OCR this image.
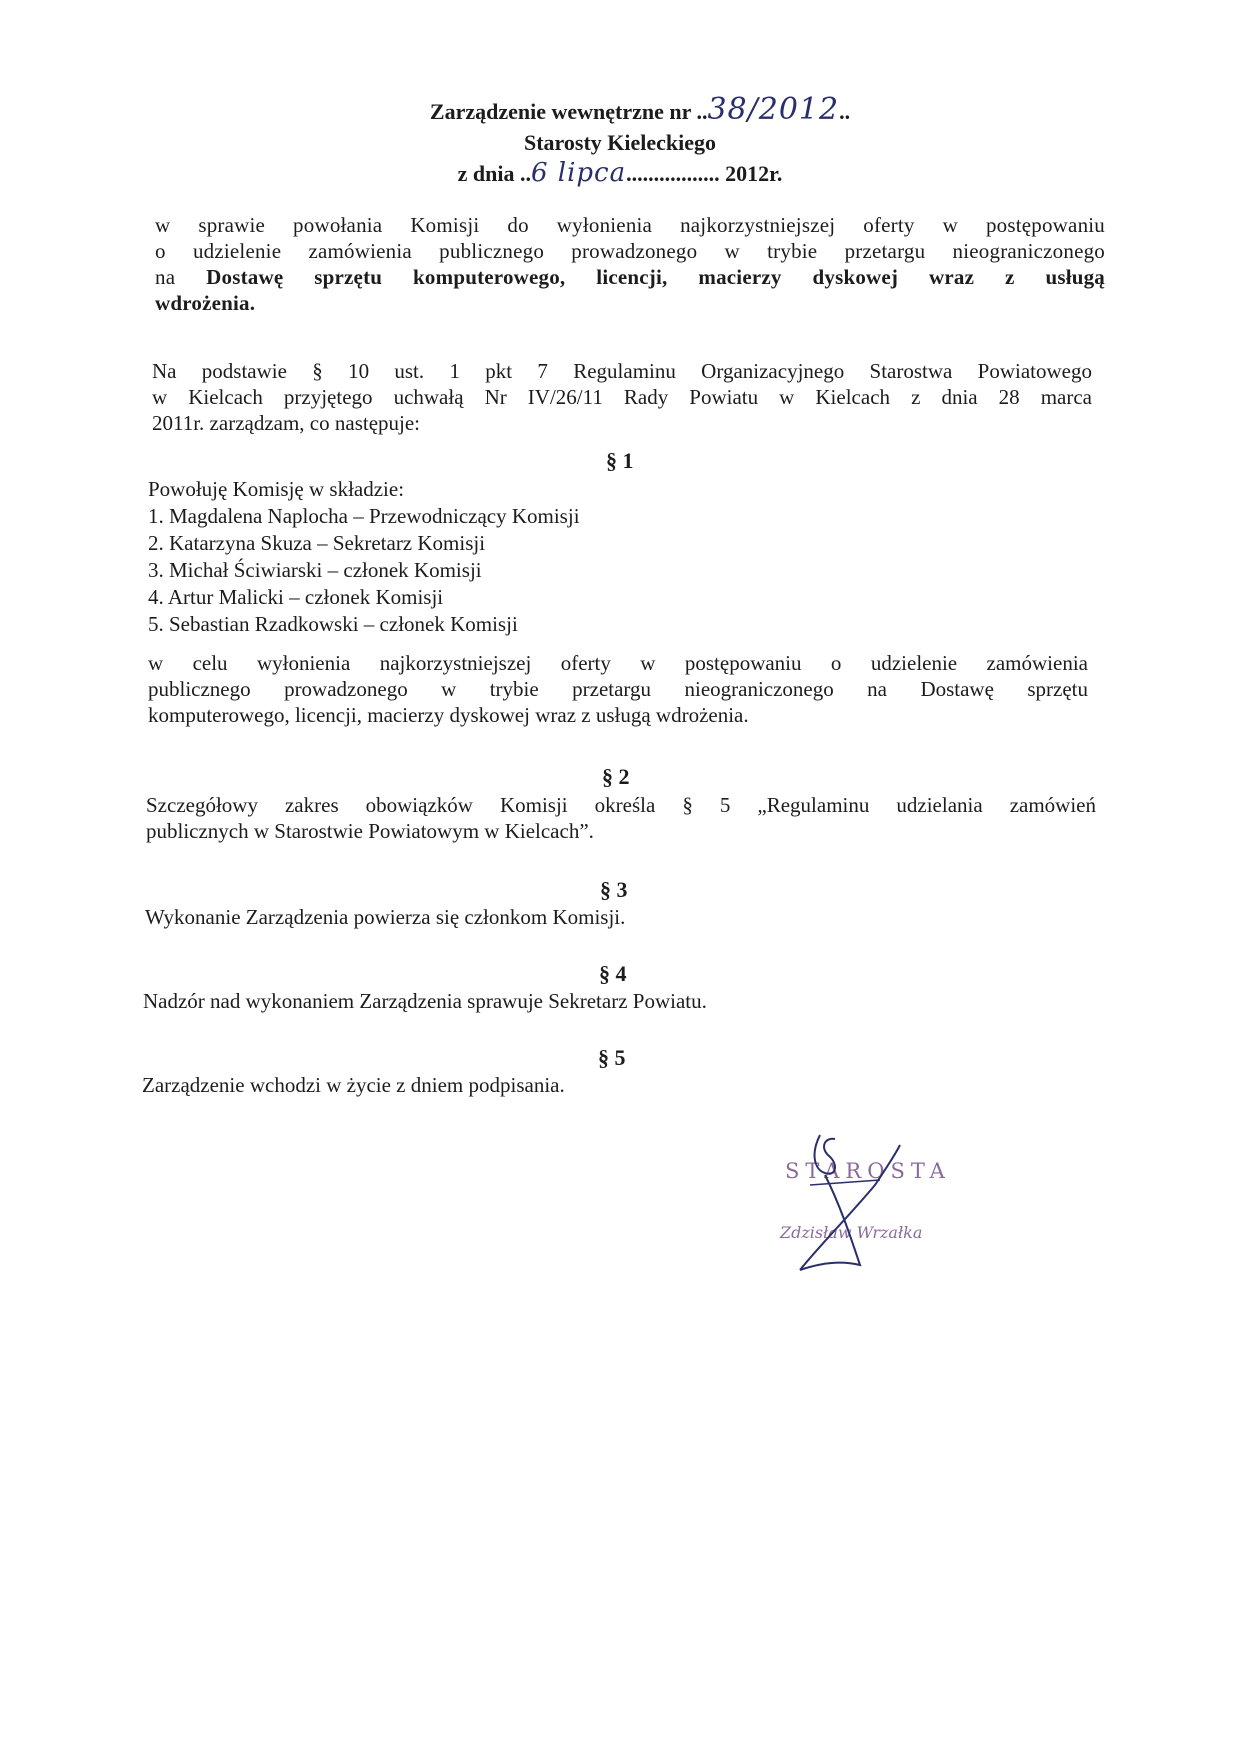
Zarządzenie wewnętrzne nr ..38/2012..
Starosty Kieleckiego
z dnia ..6 lipca................. 2012r.
w sprawie powołania Komisji do wyłonienia najkorzystniejszej oferty w postępowaniu
o udzielenie zamówienia publicznego prowadzonego w trybie przetargu nieograniczonego
na Dostawę sprzętu komputerowego, licencji, macierzy dyskowej wraz z usługą
wdrożenia.
Na podstawie § 10 ust. 1 pkt 7 Regulaminu Organizacyjnego Starostwa Powiatowego
w Kielcach przyjętego uchwałą Nr IV/26/11 Rady Powiatu w Kielcach z dnia 28 marca
2011r. zarządzam, co następuje:
§ 1
Powołuję Komisję w składzie:
1. Magdalena Naplocha – Przewodniczący Komisji
2. Katarzyna Skuza – Sekretarz Komisji
3. Michał Ściwiarski – członek Komisji
4. Artur Malicki – członek Komisji
5. Sebastian Rzadkowski – członek Komisji
w celu wyłonienia najkorzystniejszej oferty w postępowaniu o udzielenie zamówienia
publicznego prowadzonego w trybie przetargu nieograniczonego na Dostawę sprzętu
komputerowego, licencji, macierzy dyskowej wraz z usługą wdrożenia.
§ 2
Szczegółowy zakres obowiązków Komisji określa § 5 „Regulaminu udzielania zamówień
publicznych w Starostwie Powiatowym w Kielcach”.
§ 3
Wykonanie Zarządzenia powierza się członkom Komisji.
§ 4
Nadzór nad wykonaniem Zarządzenia sprawuje Sekretarz Powiatu.
§ 5
Zarządzenie wchodzi w życie z dniem podpisania.
STAROSTA
Zdzisław Wrzałka
